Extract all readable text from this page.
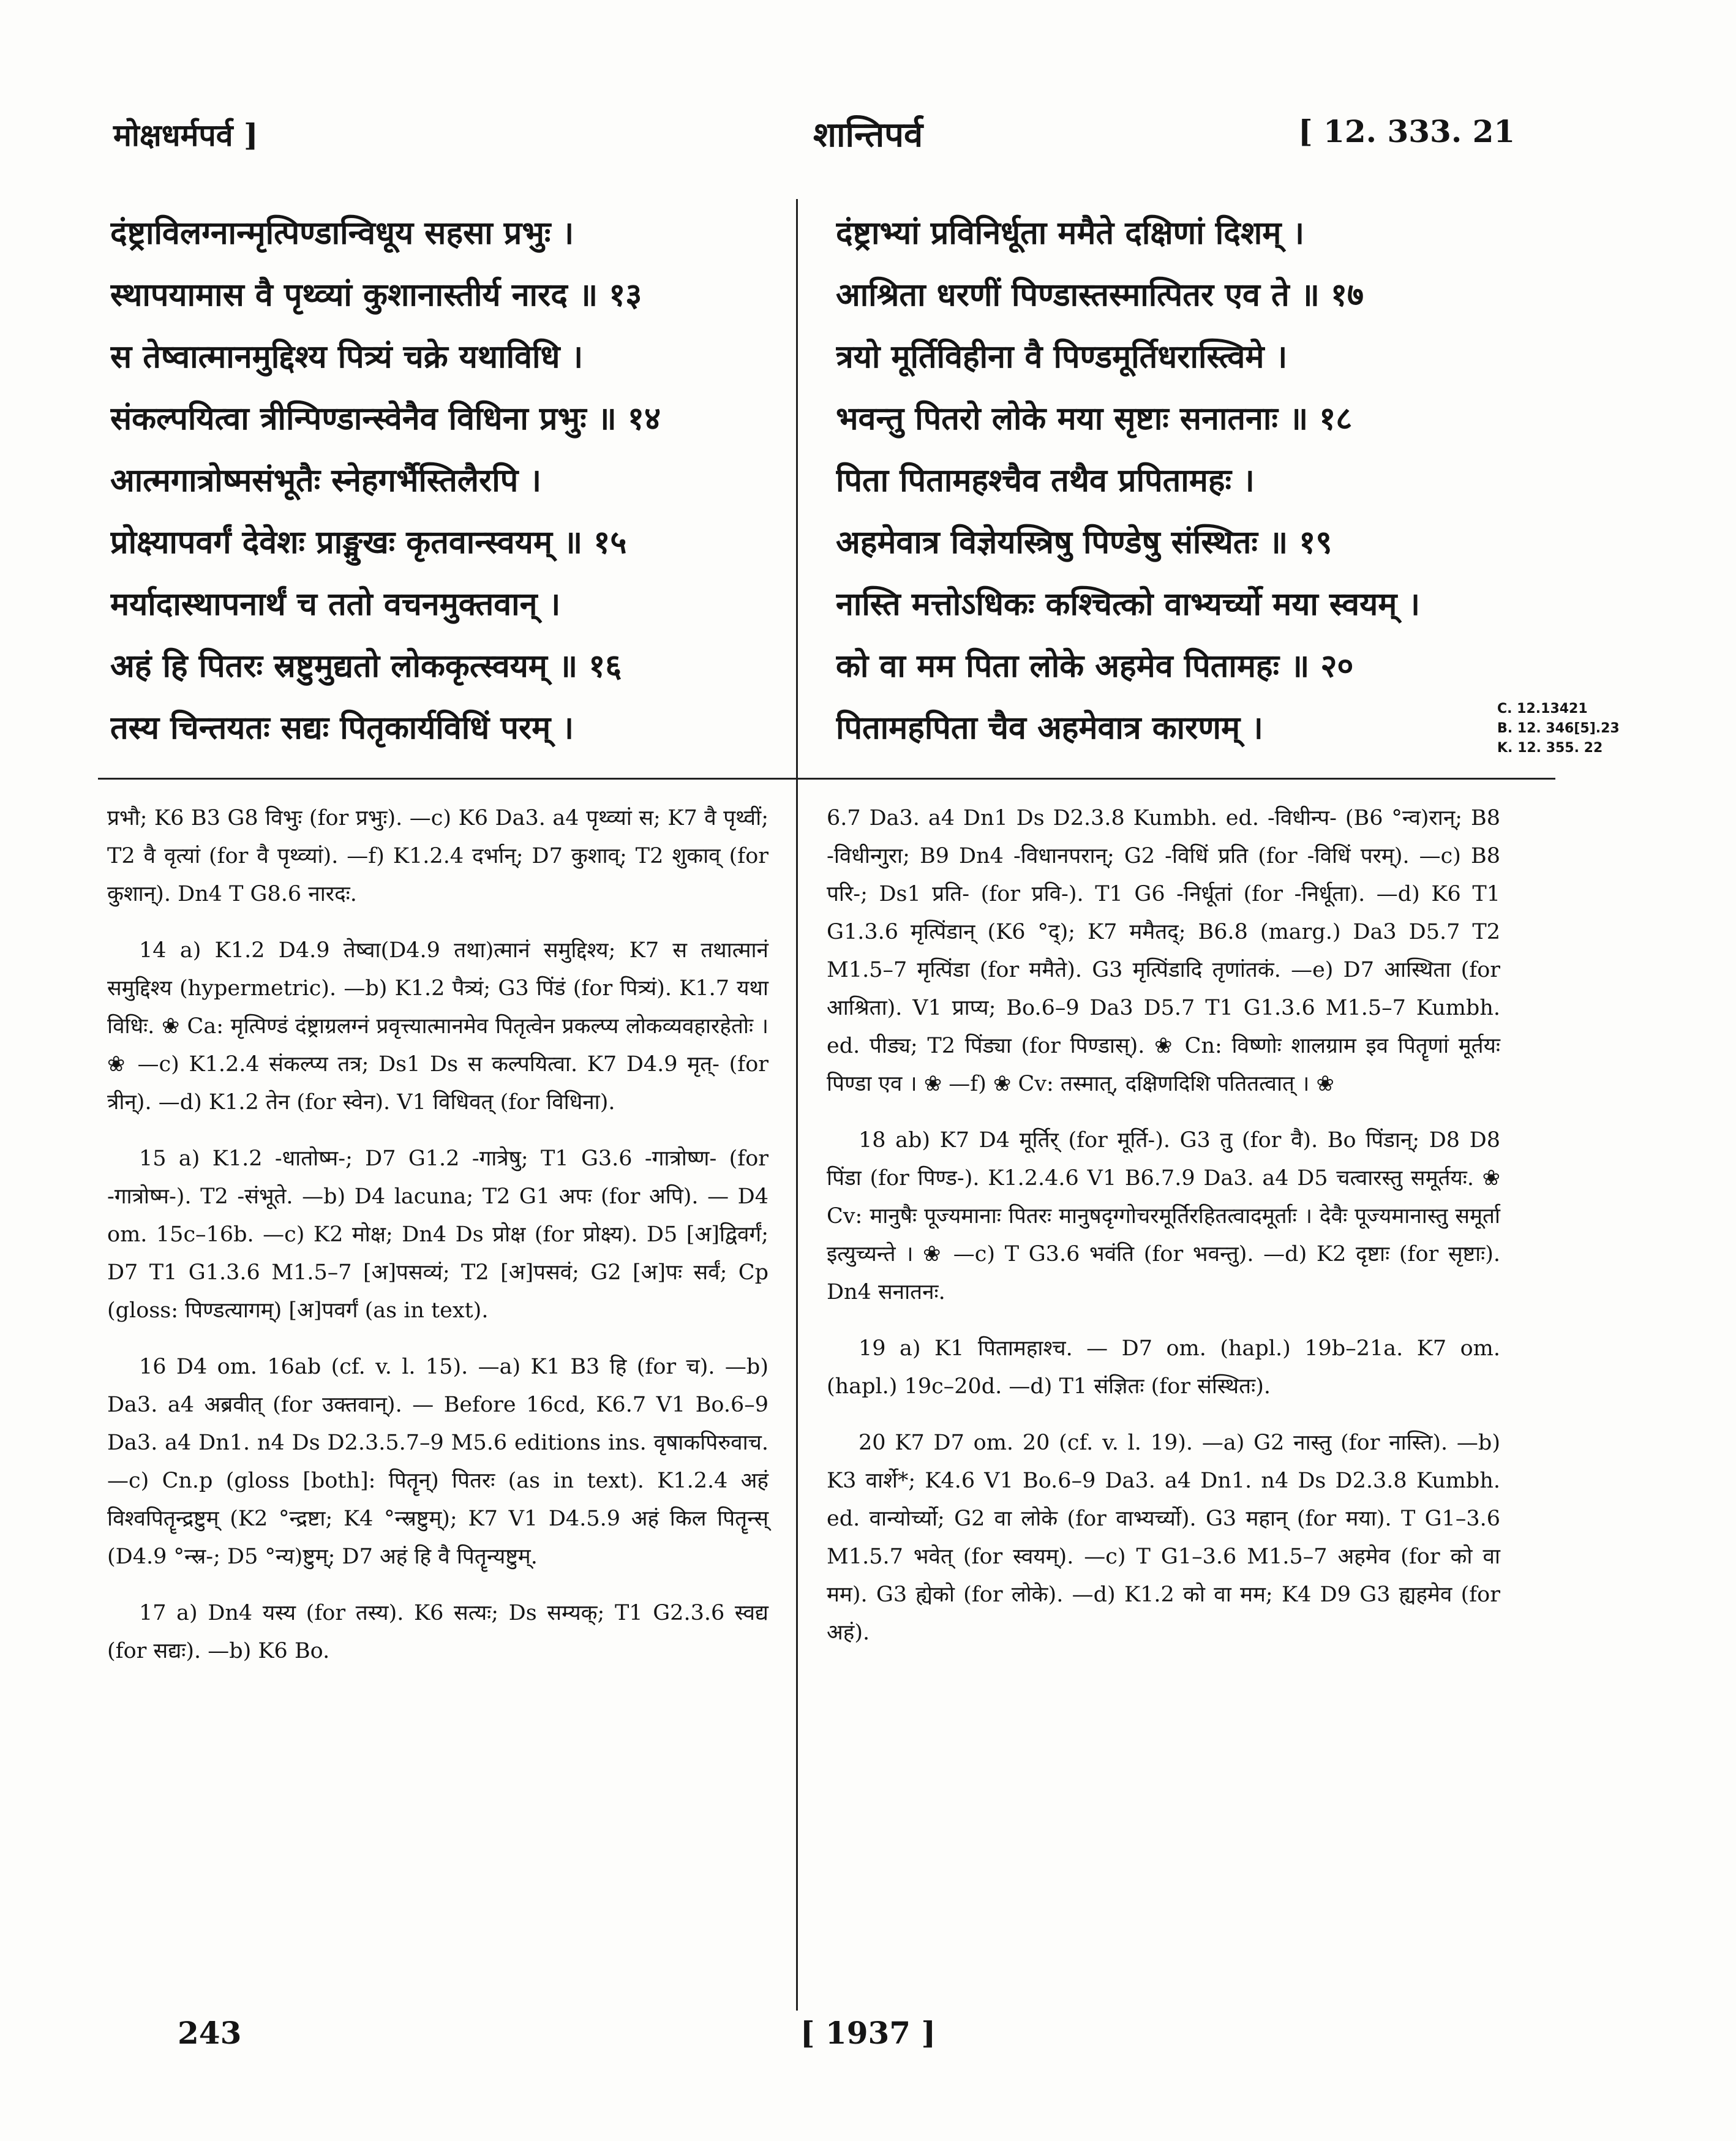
मोक्षधर्मपर्व ]	शान्तिपर्व	[ 12. 333. 21
दंष्ट्राविलग्नान्मृत्पिण्डान्विधूय सहसा प्रभुः ।
स्थापयामास वै पृथ्व्यां कुशानास्तीर्य नारद ॥ १३
स तेष्वात्मानमुद्दिश्य पित्र्यं चक्रे यथाविधि ।
संकल्पयित्वा त्रीन्पिण्डान्स्वेनैव विधिना प्रभुः ॥ १४
आत्मगात्रोष्मसंभूतैः स्नेहगर्भैस्तिलैरपि ।
प्रोक्ष्यापवर्गं देवेशः प्राङ्मुखः कृतवान्स्वयम् ॥ १५
मर्यादास्थापनार्थं च ततो वचनमुक्तवान् ।
अहं हि पितरः स्रष्टुमुद्यतो लोककृत्स्वयम् ॥ १६
तस्य चिन्तयतः सद्यः पितृकार्यविधिं परम् ।
दंष्ट्राभ्यां प्रविनिर्धूता ममैते दक्षिणां दिशम् ।
आश्रिता धरणीं पिण्डास्तस्मात्पितर एव ते ॥ १७
त्रयो मूर्तिविहीना वै पिण्डमूर्तिधरास्त्विमे ।
भवन्तु पितरो लोके मया सृष्टाः सनातनाः ॥ १८
पिता पितामहश्चैव तथैव प्रपितामहः ।
अहमेवात्र विज्ञेयस्त्रिषु पिण्डेषु संस्थितः ॥ १९
नास्ति मत्तोऽधिकः कश्चित्को वाभ्यर्च्यो मया स्वयम् ।
को वा मम पिता लोके अहमेव पितामहः ॥ २०
पितामहपिता चैव अहमेवात्र कारणम् ।
C. 12.13421
B. 12. 346[5].23
K. 12. 355. 22

प्रभौ; K6 B3 G8 विभुः (for प्रभुः). —c) K6 Da3. a4 पृथ्व्यां स; K7 वै पृथ्वीं; T2 वै वृत्यां (for वै पृथ्व्यां). —f) K1.2.4 दर्भान्; D7 कुशाव्; T2 शुकाव् (for कुशान्). Dn4 T G8.6 नारदः.

14 a) K1.2 D4.9 तेष्वा(D4.9 तथा)त्मानं समुद्दिश्य; K7 स तथात्मानं समुद्दिश्य (hypermetric). —b) K1.2 पैत्र्यं; G3 पिंडं (for पित्र्यं). K1.7 यथा विधिः. ❀ Ca: मृत्पिण्डं दंष्ट्राग्रलग्नं प्रवृत्त्यात्मानमेव पितृत्वेन प्रकल्प्य लोकव्यवहारहेतोः । ❀ —c) K1.2.4 संकल्प्य तत्र; Ds1 Ds स कल्पयित्वा. K7 D4.9 मृत्- (for त्रीन्). —d) K1.2 तेन (for स्वेन). V1 विधिवत् (for विधिना).

15 a) K1.2 -धातोष्म-; D7 G1.2 -गात्रेषु; T1 G3.6 -गात्रोष्ण- (for -गात्रोष्म-). T2 -संभूते. —b) D4 lacuna; T2 G1 अपः (for अपि). — D4 om. 15c–16b. —c) K2 मोक्ष; Dn4 Ds प्रोक्ष (for प्रोक्ष्य). D5 [अ]द्विवर्गं; D7 T1 G1.3.6 M1.5–7 [अ]पसव्यं; T2 [अ]पसवं; G2 [अ]पः सर्वं; Cp (gloss: पिण्डत्यागम्) [अ]पवर्गं (as in text).

16 D4 om. 16ab (cf. v. l. 15). —a) K1 B3 हि (for च). —b) Da3. a4 अब्रवीत् (for उक्तवान्). — Before 16cd, K6.7 V1 Bo.6–9 Da3. a4 Dn1. n4 Ds D2.3.5.7–9 M5.6 editions ins. वृषाकपिरुवाच. —c) Cn.p (gloss [both]: पितॄन्) पितरः (as in text). K1.2.4 अहं विश्वपितॄन्द्रष्टुम् (K2 °न्द्रष्टा; K4 °न्स्रष्टुम्); K7 V1 D4.5.9 अहं किल पितॄन्स् (D4.9 °न्स्र-; D5 °न्य)ष्टुम्; D7 अहं हि वै पितॄन्यष्टुम्.

17 a) Dn4 यस्य (for तस्य). K6 सत्यः; Ds सम्यक्; T1 G2.3.6 स्वद्य (for सद्यः). —b) K6 Bo.

6.7 Da3. a4 Dn1 Ds D2.3.8 Kumbh. ed. -विधीन्प- (B6 °न्व)रान्; B8 -विधीन्गुरा; B9 Dn4 -विधानपरान्; G2 -विधिं प्रति (for -विधिं परम्). —c) B8 परि-; Ds1 प्रति- (for प्रवि-). T1 G6 -निर्धूतां (for -निर्धूता). —d) K6 T1 G1.3.6 मृत्पिंडान् (K6 °द्); K7 ममैतद्; B6.8 (marg.) Da3 D5.7 T2 M1.5–7 मृत्पिंडा (for ममैते). G3 मृत्पिंडादि तृणांतकं. —e) D7 आस्थिता (for आश्रिता). V1 प्राप्य; Bo.6–9 Da3 D5.7 T1 G1.3.6 M1.5–7 Kumbh. ed. पीड्य; T2 पिंड्या (for पिण्डास्). ❀ Cn: विष्णोः शालग्राम इव पितॄणां मूर्तयः पिण्डा एव । ❀ —f) ❀ Cv: तस्मात्, दक्षिणदिशि पतितत्वात् । ❀

18 ab) K7 D4 मूर्तिर् (for मूर्ति-). G3 तु (for वै). Bo पिंडान्; D8 D8 पिंडा (for पिण्ड-). K1.2.4.6 V1 B6.7.9 Da3. a4 D5 चत्वारस्तु समूर्तयः. ❀ Cv: मानुषैः पूज्यमानाः पितरः मानुषदृग्गोचरमूर्तिरहितत्वादमूर्ताः । देवैः पूज्यमानास्तु समूर्ता इत्युच्यन्ते । ❀ —c) T G3.6 भवंति (for भवन्तु). —d) K2 दृष्टाः (for सृष्टाः). Dn4 सनातनः.

19 a) K1 पितामहाश्च. — D7 om. (hapl.) 19b–21a. K7 om. (hapl.) 19c–20d. —d) T1 संज्ञितः (for संस्थितः).

20 K7 D7 om. 20 (cf. v. l. 19). —a) G2 नास्तु (for नास्ति). —b) K3 वार्शे*; K4.6 V1 Bo.6–9 Da3. a4 Dn1. n4 Ds D2.3.8 Kumbh. ed. वान्योर्च्यो; G2 वा लोके (for वाभ्यर्च्यो). G3 महान् (for मया). T G1–3.6 M1.5.7 भवेत् (for स्वयम्). —c) T G1–3.6 M1.5–7 अहमेव (for को वा मम). G3 ह्येको (for लोके). —d) K1.2 को वा मम; K4 D9 G3 ह्यहमेव (for अहं).

243	[ 1937 ]
